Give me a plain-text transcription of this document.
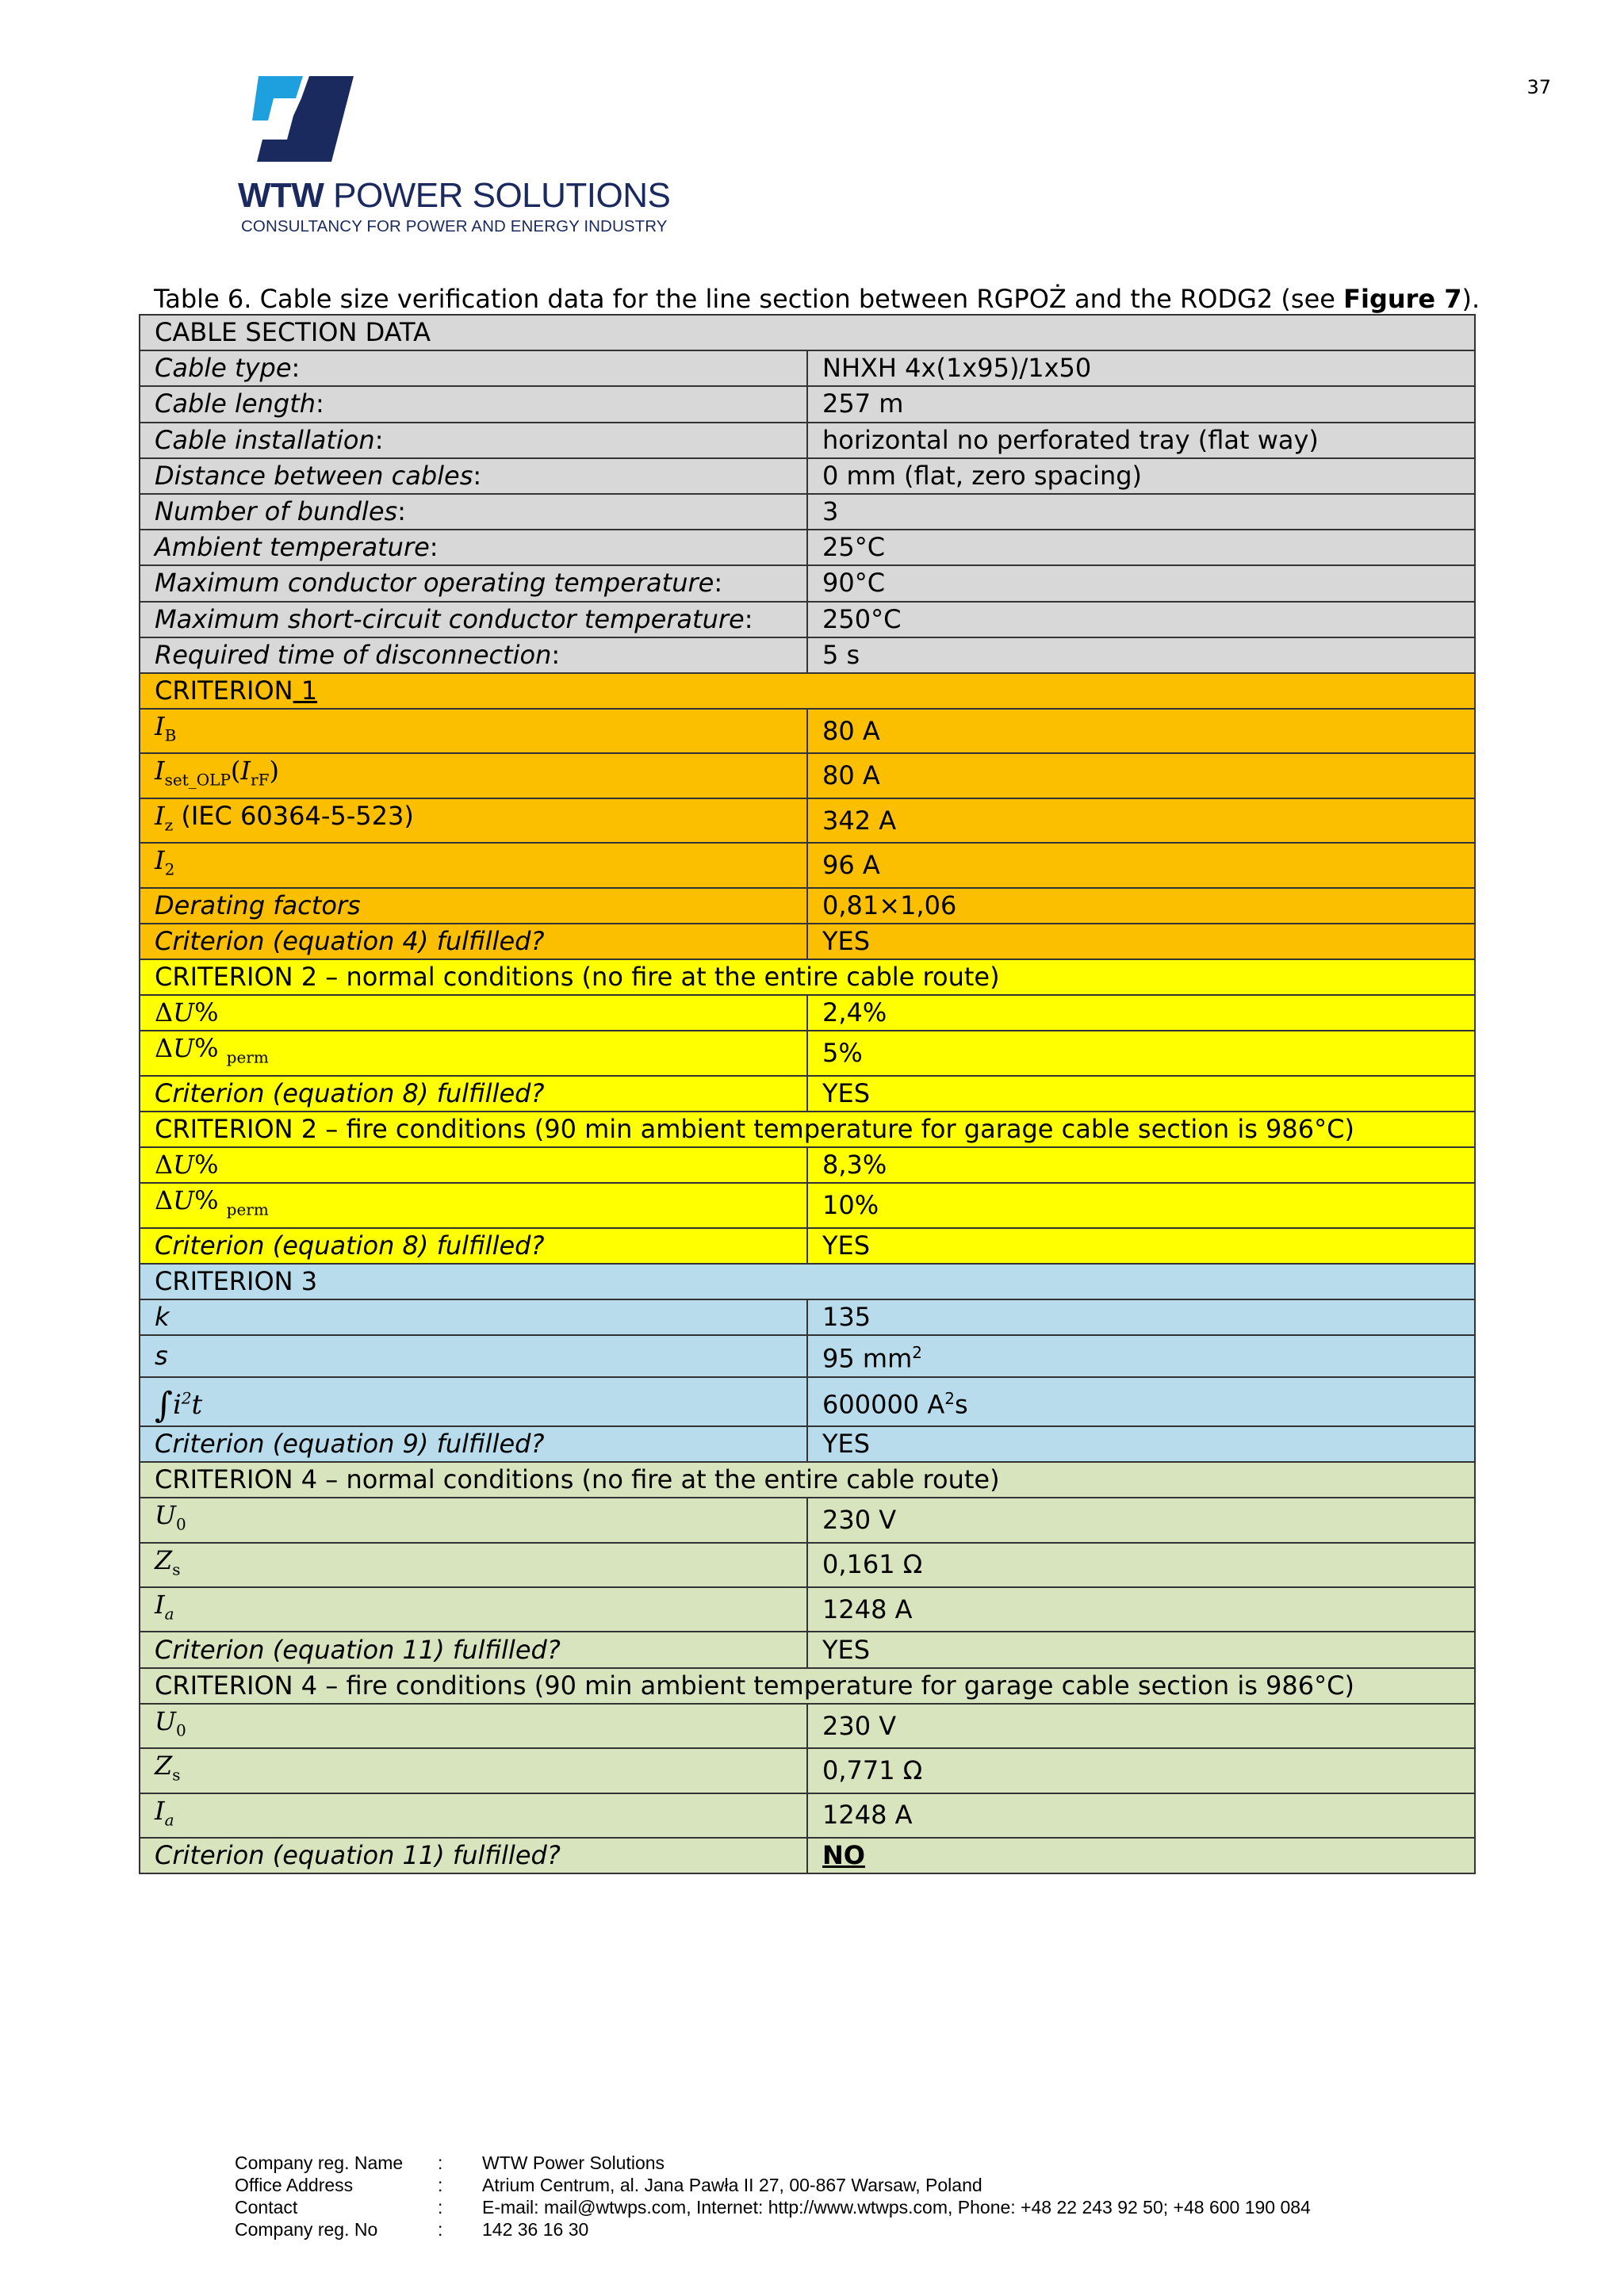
37
WTW POWER SOLUTIONS
CONSULTANCY FOR POWER AND ENERGY INDUSTRY
Table 6. Cable size verification data for the line section between RGPOŻ and the RODG2 (see Figure 7).
CABLE SECTION DATA	
Cable type:	NHXH 4x(1x95)/1x50
Cable length:	257 m
Cable installation:	horizontal no perforated tray (flat way)
Distance between cables:	0 mm (flat, zero spacing)
Number of bundles:	3
Ambient temperature:	25°C
Maximum conductor operating temperature:	90°C
Maximum short-circuit conductor temperature:	250°C
Required time of disconnection:	5 s
CRITERION 1	
$I_B$	80 A
$I_{set\_OLP}(I_{rF})$	80 A
$I_z$ (IEC 60364-5-523)	342 A
$I_2$	96 A
Derating factors	0,81×1,06
Criterion (equation 4) fulfilled?	YES
CRITERION 2 – normal conditions (no fire at the entire cable route)	
ΔU%	2,4%
ΔU% $_{perm}$	5%
Criterion (equation 8) fulfilled?	YES
CRITERION 2 – fire conditions (90 min ambient temperature for garage cable section is 986°C)	
ΔU%	8,3%
ΔU% $_{perm}$	10%
Criterion (equation 8) fulfilled?	YES
CRITERION 3	
k	135
s	95 $mm^2$
$\int i^2t$	600000 $A^2s$
Criterion (equation 9) fulfilled?	YES
CRITERION 4 – normal conditions (no fire at the entire cable route)	
$U_0$	230 V
$Z_s$	0,161 Ω
$I_a$	1248 A
Criterion (equation 11) fulfilled?	YES
CRITERION 4 – fire conditions (90 min ambient temperature for garage cable section is 986°C)	
$U_0$	230 V
$Z_s$	0,771 Ω
$I_a$	1248 A
Criterion (equation 11) fulfilled?	NO
Company reg. Name	:	WTW Power Solutions
Office Address	:	Atrium Centrum, al. Jana Pawła II 27, 00-867 Warsaw, Poland
Contact	:	E-mail: mail@wtwps.com, Internet: http://www.wtwps.com, Phone: +48 22 243 92 50; +48 600 190 084
Company reg. No	:	142 36 16 30
